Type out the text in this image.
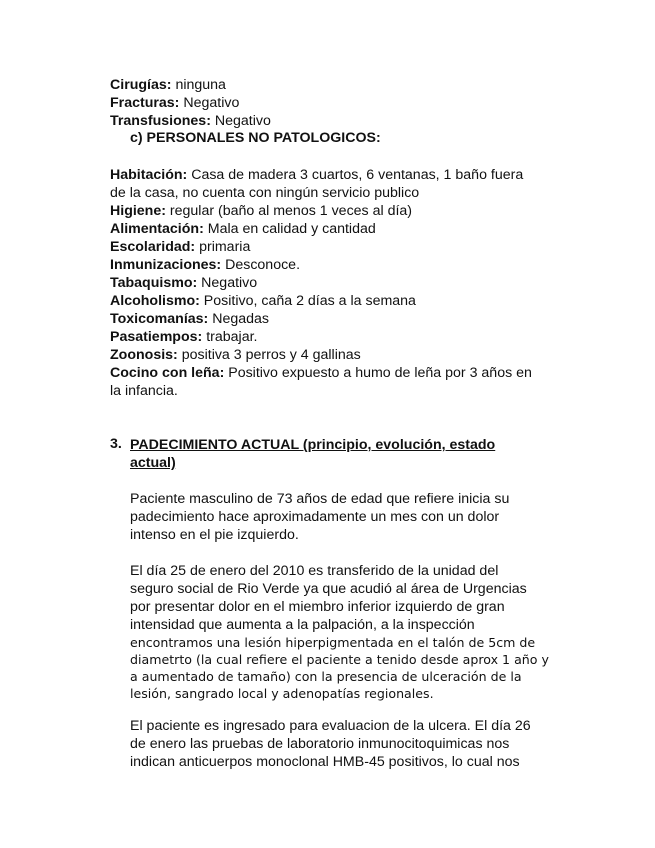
Cirugías: ninguna
Fracturas: Negativo
Transfusiones: Negativo
c) PERSONALES NO PATOLOGICOS:
Habitación: Casa de madera 3 cuartos, 6 ventanas, 1 baño fuera
de la casa, no cuenta con ningún servicio publico
Higiene: regular (baño al menos 1 veces al día)
Alimentación: Mala en calidad y cantidad
Escolaridad: primaria
Inmunizaciones: Desconoce.
Tabaquismo: Negativo
Alcoholismo: Positivo, caña 2 días a la semana
Toxicomanías: Negadas
Pasatiempos: trabajar.
Zoonosis: positiva 3 perros y 4 gallinas
Cocino con leña: Positivo expuesto a humo de leña por 3 años en
la infancia.
3. PADECIMIENTO ACTUAL (principio, evolución, estado
actual)
Paciente masculino de 73 años de edad que refiere inicia su
padecimiento hace aproximadamente un mes con un dolor
intenso en el pie izquierdo.
El día 25 de enero del 2010 es transferido de la unidad del
seguro social de Rio Verde ya que acudió al área de Urgencias
por presentar dolor en el miembro inferior izquierdo de gran
intensidad que aumenta a la palpación, a la inspección
encontramos una lesión hiperpigmentada en el talón de 5cm de
diametrto (la cual refiere el paciente a tenido desde aprox 1 año y
a aumentado de tamaño) con la presencia de ulceración de la
lesión, sangrado local y adenopatías regionales.
El paciente es ingresado para evaluacion de la ulcera. El día 26
de enero las pruebas de laboratorio inmunocitoquimicas nos
indican anticuerpos monoclonal HMB-45 positivos, lo cual nos
